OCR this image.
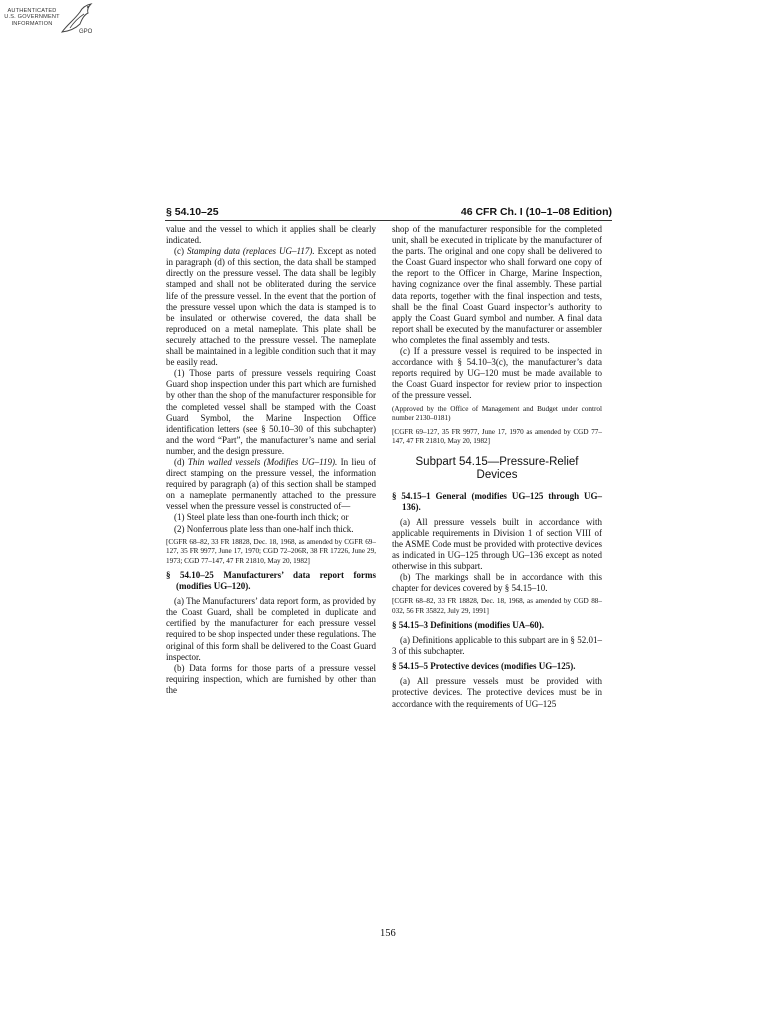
AUTHENTICATED
U.S. GOVERNMENT
INFORMATION
GPO
§ 54.10–25	46 CFR Ch. I (10–1–08 Edition)

value and the vessel to which it applies shall be clearly indicated.

(c) Stamping data (replaces UG–117). Except as noted in paragraph (d) of this section, the data shall be stamped directly on the pressure vessel. The data shall be legibly stamped and shall not be obliterated during the service life of the pressure vessel. In the event that the portion of the pressure vessel upon which the data is stamped is to be insulated or otherwise covered, the data shall be reproduced on a metal nameplate. This plate shall be securely attached to the pressure vessel. The nameplate shall be maintained in a legible condition such that it may be easily read.

(1) Those parts of pressure vessels requiring Coast Guard shop inspection under this part which are furnished by other than the shop of the manufacturer responsible for the completed vessel shall be stamped with the Coast Guard Symbol, the Marine Inspection Office identification letters (see § 50.10–30 of this subchapter) and the word “Part”, the manufacturer’s name and serial number, and the design pressure.

(d) Thin walled vessels (Modifies UG–119). In lieu of direct stamping on the pressure vessel, the information required by paragraph (a) of this section shall be stamped on a nameplate permanently attached to the pressure vessel when the pressure vessel is constructed of—

(1) Steel plate less than one-fourth inch thick; or

(2) Nonferrous plate less than one-half inch thick.

[CGFR 68–82, 33 FR 18828, Dec. 18, 1968, as amended by CGFR 69–127, 35 FR 9977, June 17, 1970; CGD 72–206R, 38 FR 17226, June 29, 1973; CGD 77–147, 47 FR 21810, May 20, 1982]

§ 54.10–25 Manufacturers’ data report forms (modifies UG–120).

(a) The Manufacturers’ data report form, as provided by the Coast Guard, shall be completed in duplicate and certified by the manufacturer for each pressure vessel required to be shop inspected under these regulations. The original of this form shall be delivered to the Coast Guard inspector.

(b) Data forms for those parts of a pressure vessel requiring inspection, which are furnished by other than the

shop of the manufacturer responsible for the completed unit, shall be executed in triplicate by the manufacturer of the parts. The original and one copy shall be delivered to the Coast Guard inspector who shall forward one copy of the report to the Officer in Charge, Marine Inspection, having cognizance over the final assembly. These partial data reports, together with the final inspection and tests, shall be the final Coast Guard inspector’s authority to apply the Coast Guard symbol and number. A final data report shall be executed by the manufacturer or assembler who completes the final assembly and tests.

(c) If a pressure vessel is required to be inspected in accordance with § 54.10–3(c), the manufacturer’s data reports required by UG–120 must be made available to the Coast Guard inspector for review prior to inspection of the pressure vessel.

(Approved by the Office of Management and Budget under control number 2130–0181)

[CGFR 69–127, 35 FR 9977, June 17, 1970 as amended by CGD 77–147, 47 FR 21810, May 20, 1982]

Subpart 54.15—Pressure-Relief
Devices

§ 54.15–1 General (modifies UG–125 through UG–136).

(a) All pressure vessels built in accordance with applicable requirements in Division 1 of section VIII of the ASME Code must be provided with protective devices as indicated in UG–125 through UG–136 except as noted otherwise in this subpart.

(b) The markings shall be in accordance with this chapter for devices covered by § 54.15–10.

[CGFR 68–82, 33 FR 18828, Dec. 18, 1968, as amended by CGD 88–032, 56 FR 35822, July 29, 1991]

§ 54.15–3 Definitions (modifies UA–60).

(a) Definitions applicable to this subpart are in § 52.01–3 of this subchapter.

§ 54.15–5 Protective devices (modifies UG–125).

(a) All pressure vessels must be provided with protective devices. The protective devices must be in accordance with the requirements of UG–125

156
